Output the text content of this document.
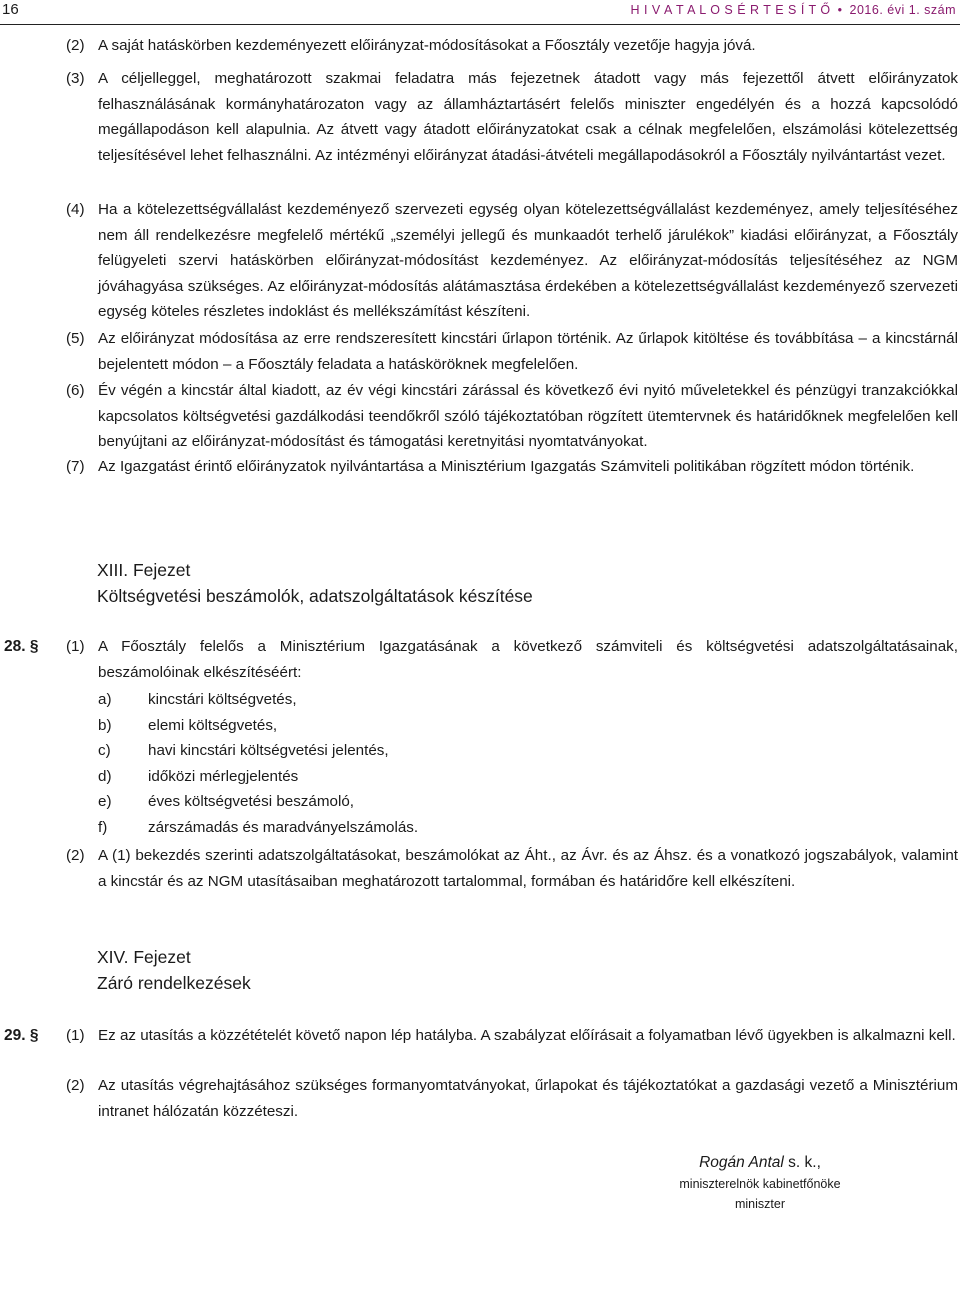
16	H I V A T A L O S É R T E S Í T Ő • 2016. évi 1. szám
(2) A saját hatáskörben kezdeményezett előirányzat-módosításokat a Főosztály vezetője hagyja jóvá.
(3) A céljelleggel, meghatározott szakmai feladatra más fejezetnek átadott vagy más fejezettől átvett előirányzatok felhasználásának kormányhatározaton vagy az államháztartásért felelős miniszter engedélyén és a hozzá kapcsolódó megállapodáson kell alapulnia. Az átvett vagy átadott előirányzatokat csak a célnak megfelelően, elszámolási kötelezettség teljesítésével lehet felhasználni. Az intézményi előirányzat átadási-átvételi megállapodásokról a Főosztály nyilvántartást vezet.
(4) Ha a kötelezettségvállalást kezdeményező szervezeti egység olyan kötelezettségvállalást kezdeményez, amely teljesítéséhez nem áll rendelkezésre megfelelő mértékű „személyi jellegű és munkaadót terhelő járulékok” kiadási előirányzat, a Főosztály felügyeleti szervi hatáskörben előirányzat-módosítást kezdeményez. Az előirányzat-módosítás teljesítéséhez az NGM jóváhagyása szükséges. Az előirányzat-módosítás alátámasztása érdekében a kötelezettségvállalást kezdeményező szervezeti egység köteles részletes indoklást és mellékszámítást készíteni.
(5) Az előirányzat módosítása az erre rendszeresített kincstári űrlapon történik. Az űrlapok kitöltése és továbbítása – a kincstárnál bejelentett módon – a Főosztály feladata a hatásköröknek megfelelően.
(6) Év végén a kincstár által kiadott, az év végi kincstári zárással és következő évi nyitó műveletekkel és pénzügyi tranzakciókkal kapcsolatos költségvetési gazdálkodási teendőkről szóló tájékoztatóban rögzített ütemtervnek és határidőknek megfelelően kell benyújtani az előirányzat-módosítást és támogatási keretnyitási nyomtatványokat.
(7) Az Igazgatást érintő előirányzatok nyilvántartása a Minisztérium Igazgatás Számviteli politikában rögzített módon történik.
XIII. Fejezet
Költségvetési beszámolók, adatszolgáltatások készítése
28. § (1) A Főosztály felelős a Minisztérium Igazgatásának a következő számviteli és költségvetési adatszolgáltatásainak, beszámolóinak elkészítéséért:
a) kincstári költségvetés,
b) elemi költségvetés,
c) havi kincstári költségvetési jelentés,
d) időközi mérlegjelentés
e) éves költségvetési beszámoló,
f)	zárszámadás és maradványelszámolás.
(2) A (1) bekezdés szerinti adatszolgáltatásokat, beszámolókat az Áht., az Ávr. és az Áhsz. és a vonatkozó jogszabályok, valamint a kincstár és az NGM utasításaiban meghatározott tartalommal, formában és határidőre kell elkészíteni.
XIV. Fejezet
Záró rendelkezések
29. § (1) Ez az utasítás a közzétételét követő napon lép hatályba. A szabályzat előírásait a folyamatban lévő ügyekben is alkalmazni kell.
(2) Az utasítás végrehajtásához szükséges formanyomtatványokat, űrlapokat és tájékoztatókat a gazdasági vezető a Minisztérium intranet hálózatán közzéteszi.
Rogán Antal s. k.,
miniszterelnök kabinetfőnöke
miniszter
